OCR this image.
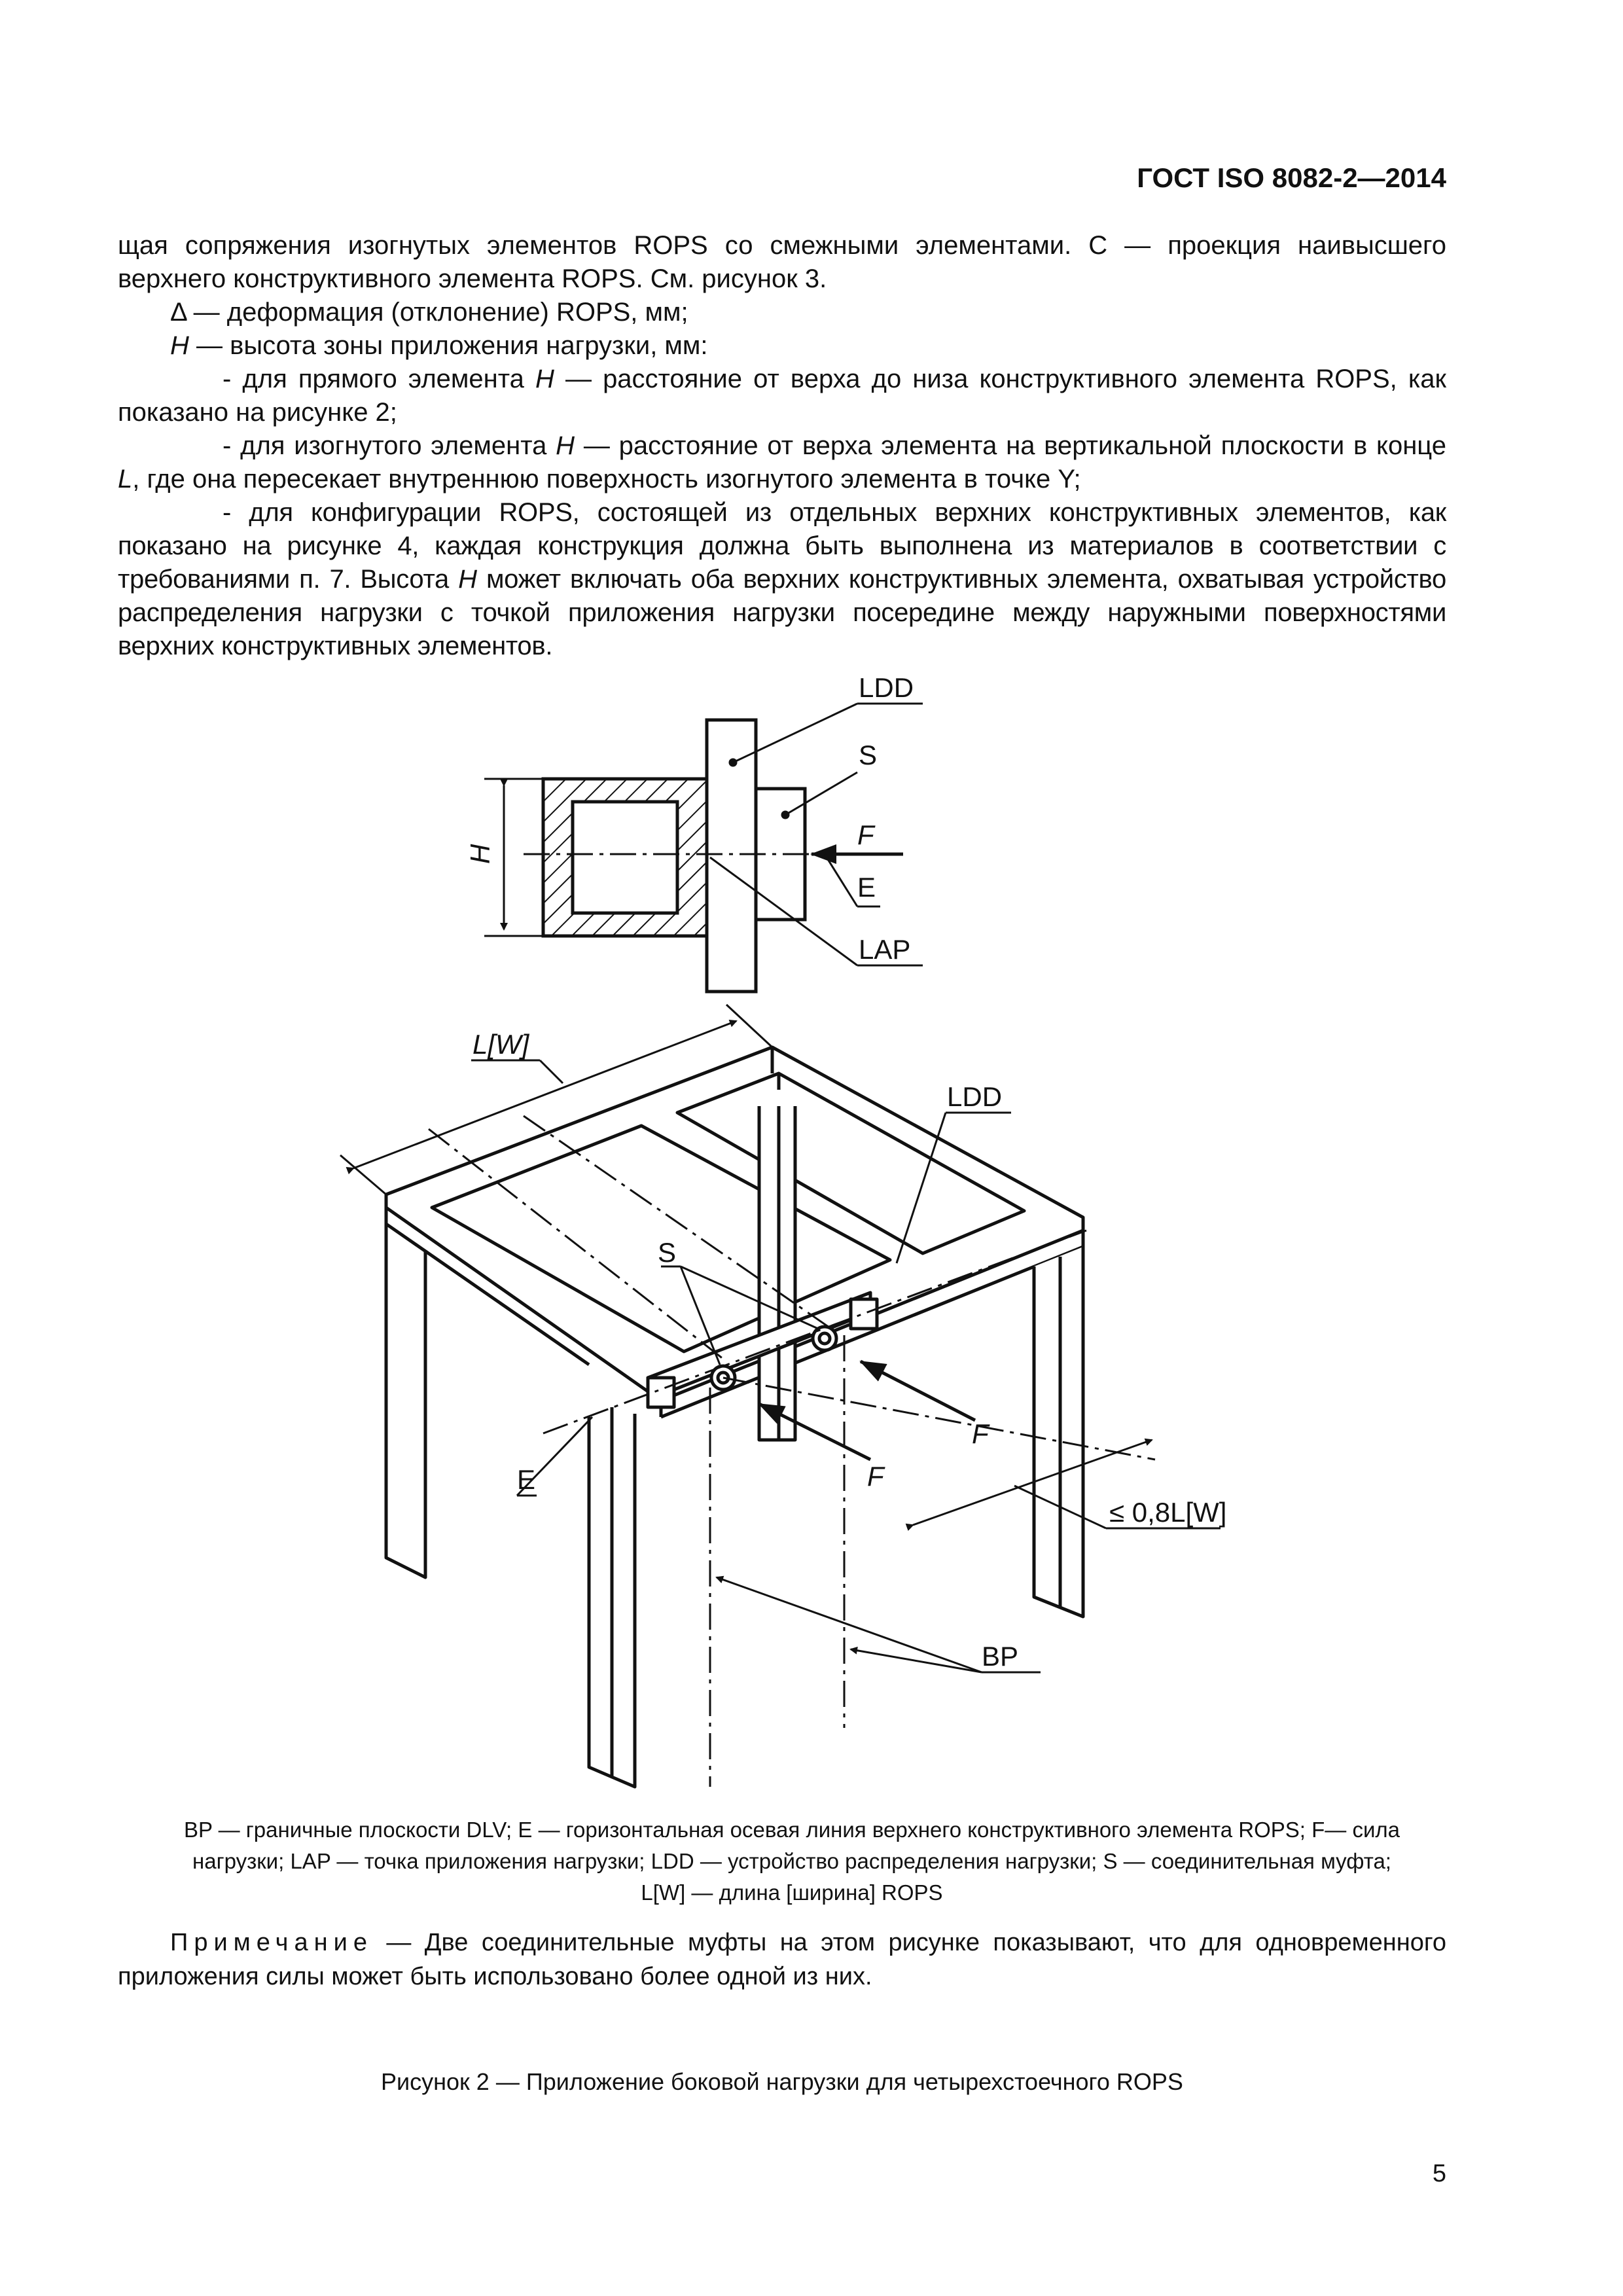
ГОСТ ISO 8082-2—2014

щая сопряжения изогнутых элементов ROPS со смежными элементами. С — проекция наивысшего верхнего конструктивного элемента ROPS. См. рисунок 3.

Δ — деформация (отклонение) ROPS, мм;

H — высота зоны приложения нагрузки, мм:

- для прямого элемента H — расстояние от верха до низа конструктивного элемента ROPS, как показано на рисунке 2;

- для изогнутого элемента H — расстояние от верха элемента на вертикальной плоскости в конце L, где она пересекает внутреннюю поверхность изогнутого элемента в точке Y;

- для конфигурации ROPS, состоящей из отдельных верхних конструктивных элементов, как показано на рисунке 4, каждая конструкция должна быть выполнена из материалов в соответствии с требованиями п. 7. Высота H может включать оба верхних конструктивных элемента, охватывая устройство распределения нагрузки с точкой приложения нагрузки посередине между наружными поверхностями верхних конструктивных элементов.

LDD
S
F
E
LAP
H
L[W]
LDD
S
F
F
E
≤ 0,8L[W]
BP
BP — граничные плоскости DLV; E — горизонтальная осевая линия верхнего конструктивного элемента ROPS; F— сила
нагрузки; LAP — точка приложения нагрузки; LDD — устройство распределения нагрузки; S — соединительная муфта;
L[W] — длина [ширина] ROPS
Примечание — Две соединительные муфты на этом рисунке показывают, что для одновременного приложения силы может быть использовано более одной из них.
Рисунок 2 — Приложение боковой нагрузки для четырехстоечного ROPS
5
